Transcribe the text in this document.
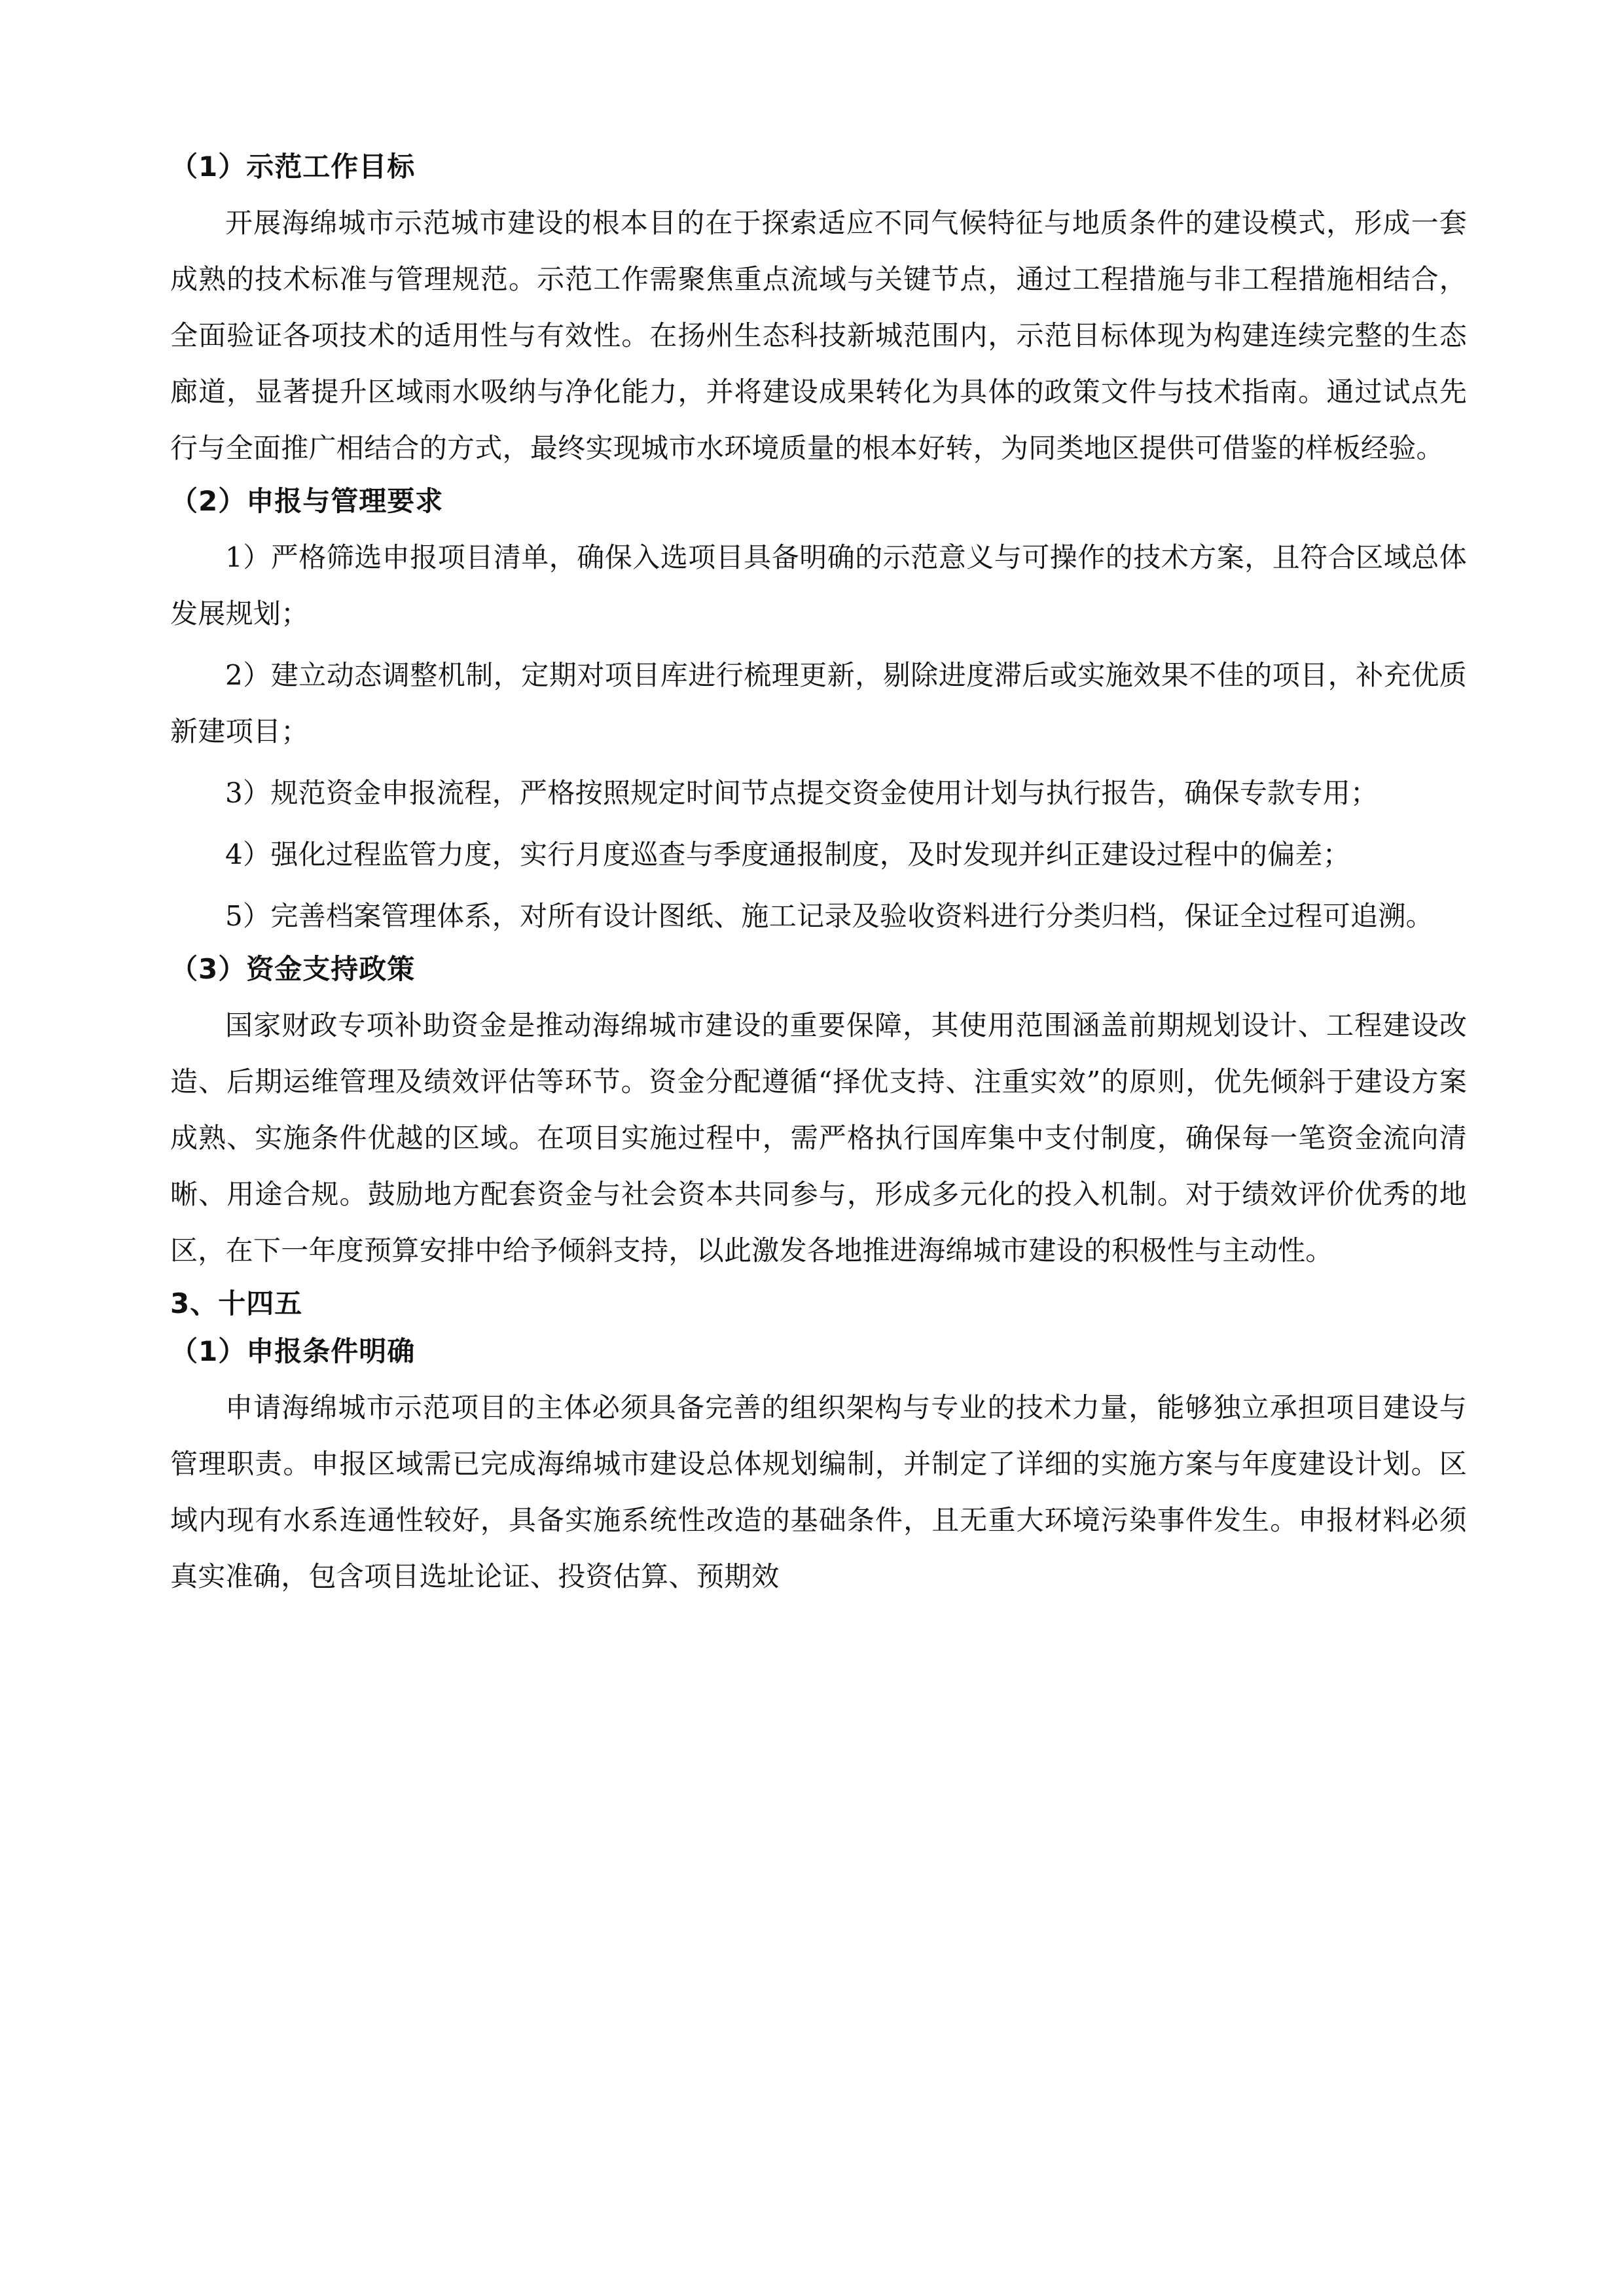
（1）示范工作目标

开展海绵城市示范城市建设的根本目的在于探索适应不同气候特征与地质条件的建设模式，形成一套成熟的技术标准与管理规范。示范工作需聚焦重点流域与关键节点，通过工程措施与非工程措施相结合，全面验证各项技术的适用性与有效性。在扬州生态科技新城范围内，示范目标体现为构建连续完整的生态廊道，显著提升区域雨水吸纳与净化能力，并将建设成果转化为具体的政策文件与技术指南。通过试点先行与全面推广相结合的方式，最终实现城市水环境质量的根本好转，为同类地区提供可借鉴的样板经验。

（2）申报与管理要求

1）严格筛选申报项目清单，确保入选项目具备明确的示范意义与可操作的技术方案，且符合区域总体发展规划；

2）建立动态调整机制，定期对项目库进行梳理更新，剔除进度滞后或实施效果不佳的项目，补充优质新建项目；

3）规范资金申报流程，严格按照规定时间节点提交资金使用计划与执行报告，确保专款专用；

4）强化过程监管力度，实行月度巡查与季度通报制度，及时发现并纠正建设过程中的偏差；

5）完善档案管理体系，对所有设计图纸、施工记录及验收资料进行分类归档，保证全过程可追溯。

（3）资金支持政策

国家财政专项补助资金是推动海绵城市建设的重要保障，其使用范围涵盖前期规划设计、工程建设改造、后期运维管理及绩效评估等环节。资金分配遵循“择优支持、注重实效”的原则，优先倾斜于建设方案成熟、实施条件优越的区域。在项目实施过程中，需严格执行国库集中支付制度，确保每一笔资金流向清晰、用途合规。鼓励地方配套资金与社会资本共同参与，形成多元化的投入机制。对于绩效评价优秀的地区，在下一年度预算安排中给予倾斜支持，以此激发各地推进海绵城市建设的积极性与主动性。

3、十四五
（1）申报条件明确

申请海绵城市示范项目的主体必须具备完善的组织架构与专业的技术力量，能够独立承担项目建设与管理职责。申报区域需已完成海绵城市建设总体规划编制，并制定了详细的实施方案与年度建设计划。区域内现有水系连通性较好，具备实施系统性改造的基础条件，且无重大环境污染事件发生。申报材料必须真实准确，包含项目选址论证、投资估算、预期效
